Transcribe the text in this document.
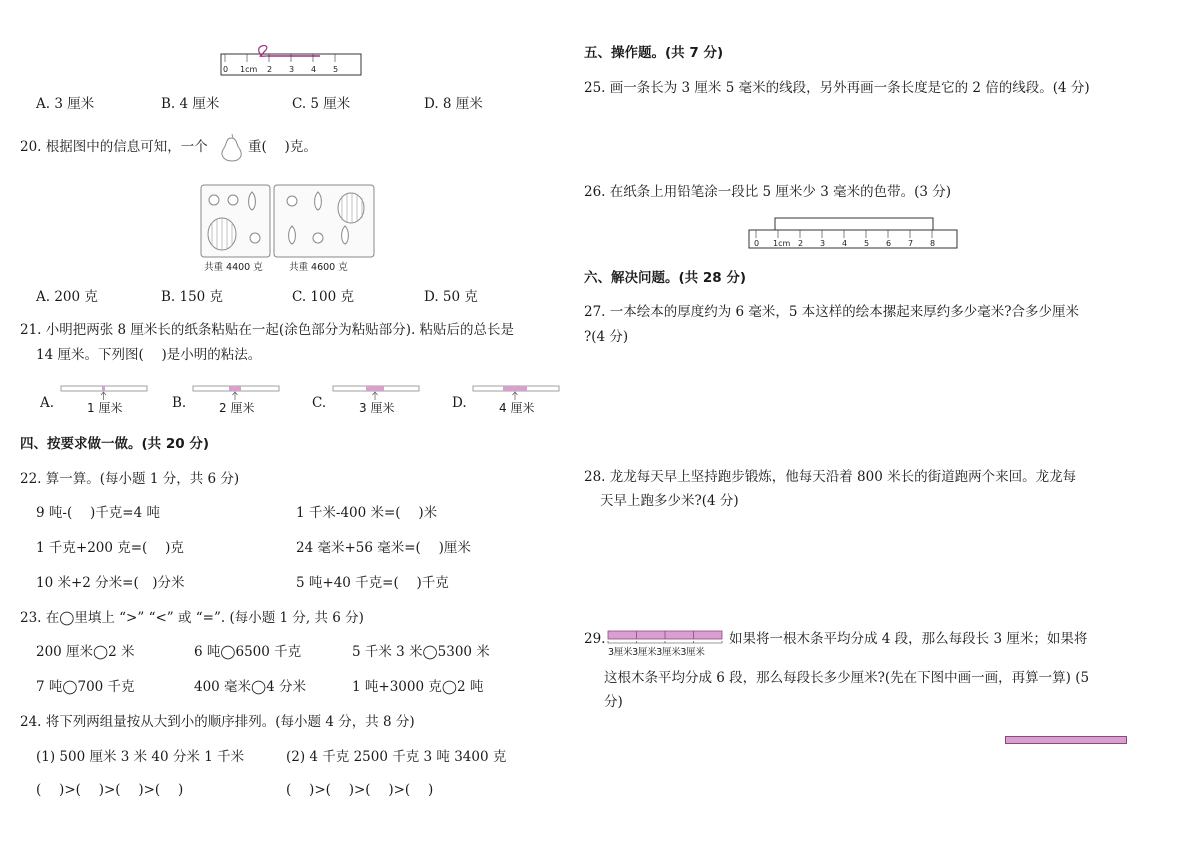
0 1cm 2 3 4 5
A. 3 厘米	B. 4 厘米	C. 5 厘米	D. 8 厘米
20. 根据图中的信息可知，一个	重(　 )克。
共重 4400 克	共重 4600 克
A. 200 克	B. 150 克	C. 100 克	D. 50 克
21. 小明把两张 8 厘米长的纸条粘贴在一起(涂色部分为粘贴部分). 粘贴后的总长是
14 厘米。下列图(　 )是小明的粘法。
A.	1 厘米	B.	2 厘米	C.	3 厘米	D.	4 厘米
四、按要求做一做。(共 20 分)
22. 算一算。(每小题 1 分，共 6 分)
9 吨-(　 )千克=4 吨	1 千米-400 米=(　 )米
1 千克+200 克=(　 )克	24 毫米+56 毫米=(　 )厘米
10 米+2 分米=(　)分米	5 吨+40 千克=(　 )千克
23. 在◯里填上 “>” “<” 或 “=”. (每小题 1 分, 共 6 分)
200 厘米◯2 米	6 吨◯6500 千克	5 千米 3 米◯5300 米
7 吨◯700 千克	400 毫米◯4 分米	1 吨+3000 克◯2 吨
24. 将下列两组量按从大到小的顺序排列。(每小题 4 分，共 8 分)
(1) 500 厘米 3 米 40 分米 1 千米	(2) 4 千克 2500 千克 3 吨 3400 克
(　 )>(　 )>(　 )>(　 )	(　 )>(　 )>(　 )>(　 )
五、操作题。(共 7 分)
25. 画一条长为 3 厘米 5 毫米的线段，另外再画一条长度是它的 2 倍的线段。(4 分)
26. 在纸条上用铅笔涂一段比 5 厘米少 3 毫米的色带。(3 分)
0 1cm 2 3 4 5 6 7 8
六、解决问题。(共 28 分)
27. 一本绘本的厚度约为 6 毫米，5 本这样的绘本摞起来厚约多少毫米?合多少厘米
?(4 分)
28. 龙龙每天早上坚持跑步锻炼，他每天沿着 800 米长的街道跑两个来回。龙龙每
天早上跑多少米?(4 分)
29.
3厘米3厘米3厘米3厘米
如果将一根木条平均分成 4 段，那么每段长 3 厘米；如果将
这根木条平均分成 6 段，那么每段长多少厘米?(先在下图中画一画，再算一算) (5
分)
